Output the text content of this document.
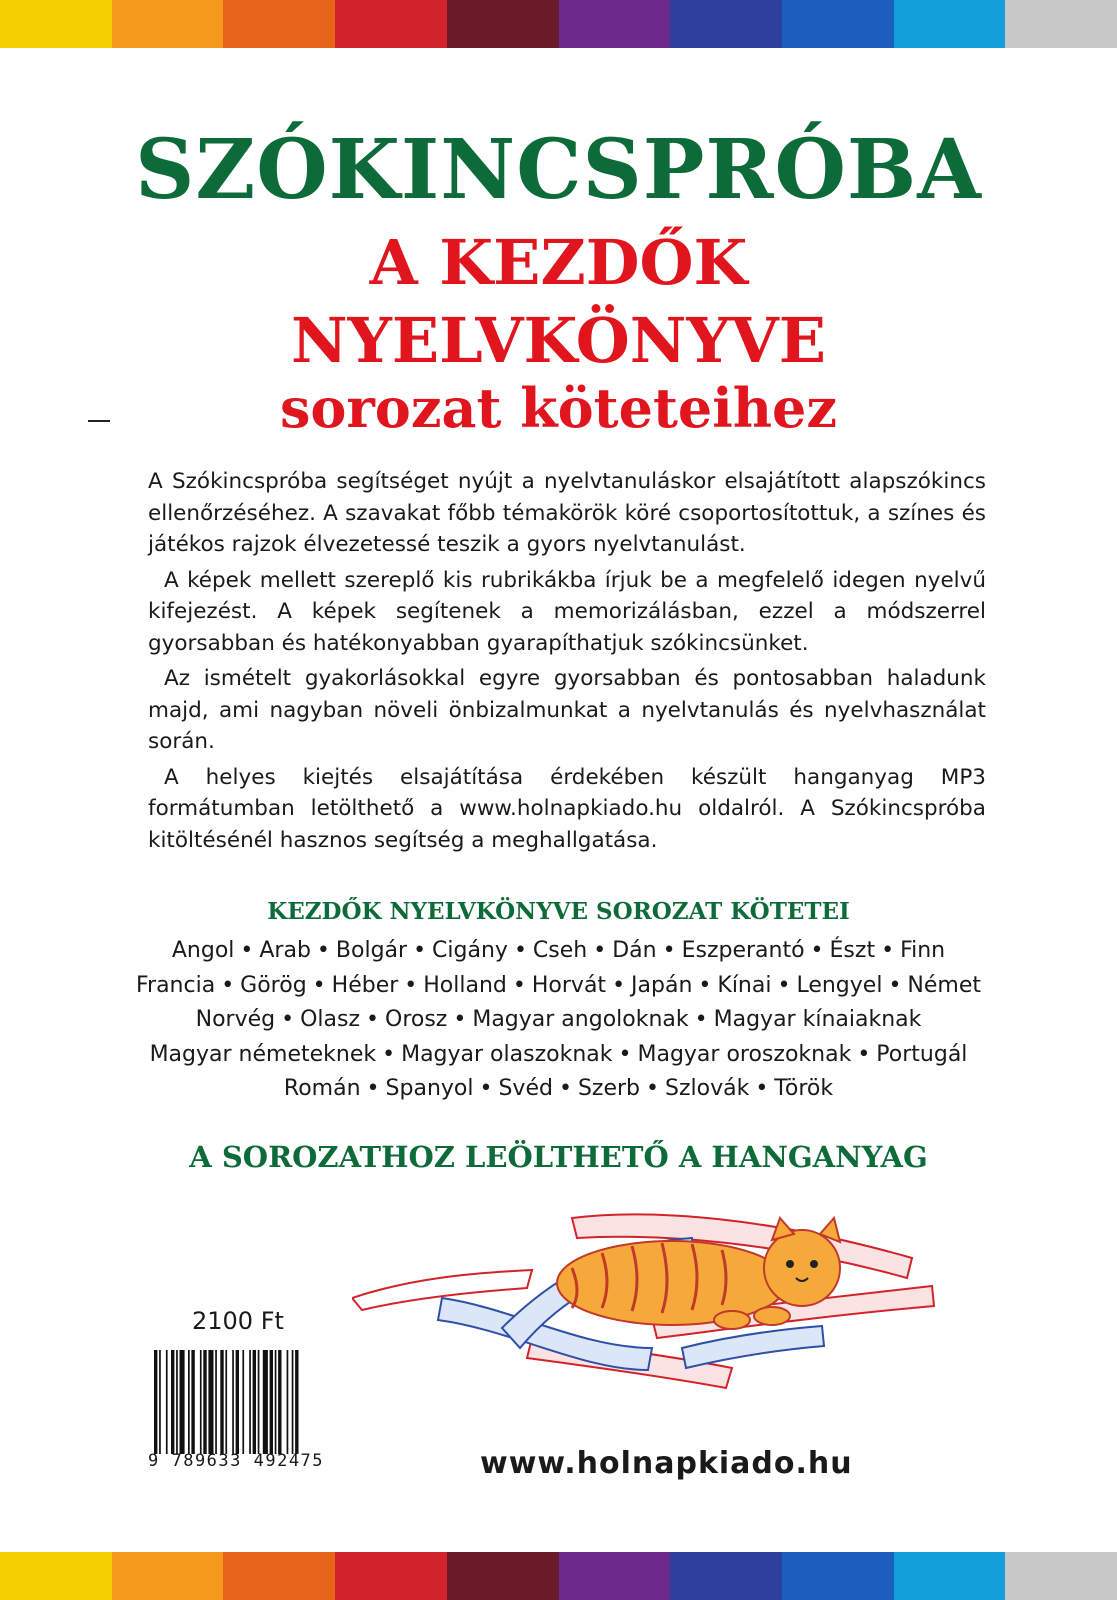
SZÓKINCSPRÓBA
A KEZDŐK
NYELVKÖNYVE
sorozat köteteihez

A Szókincspróba segítséget nyújt a nyelvtanuláskor elsajátított alapszókincs ellenőrzéséhez. A szavakat főbb témakörök köré csoportosítottuk, a színes és játékos rajzok élvezetessé teszik a gyors nyelvtanulást.

A képek mellett szereplő kis rubrikákba írjuk be a megfelelő idegen nyelvű kifejezést. A képek segítenek a memorizálásban, ezzel a módszerrel gyorsabban és hatékonyabban gyarapíthatjuk szókincsünket.

Az ismételt gyakorlásokkal egyre gyorsabban és pontosabban haladunk majd, ami nagyban növeli önbizalmunkat a nyelvtanulás és nyelvhasználat során.

A helyes kiejtés elsajátítása érdekében készült hanganyag MP3 formátumban letölthető a www.holnapkiado.hu oldalról. A Szókincspróba kitöltésénél hasznos segítség a meghallgatása.

KEZDŐK NYELVKÖNYVE SOROZAT KÖTETEI
Angol • Arab • Bolgár • Cigány • Cseh • Dán • Eszperantó • Észt • Finn
Francia • Görög • Héber • Holland • Horvát • Japán • Kínai • Lengyel • Német
Norvég • Olasz • Orosz • Magyar angoloknak • Magyar kínaiaknak
Magyar németeknek • Magyar olaszoknak • Magyar oroszoknak • Portugál
Román • Spanyol • Svéd • Szerb • Szlovák • Török
A SOROZATHOZ LEÖLTHETŐ A HANGANYAG
2100 Ft
9 789633 492475	www.holnapkiado.hu
